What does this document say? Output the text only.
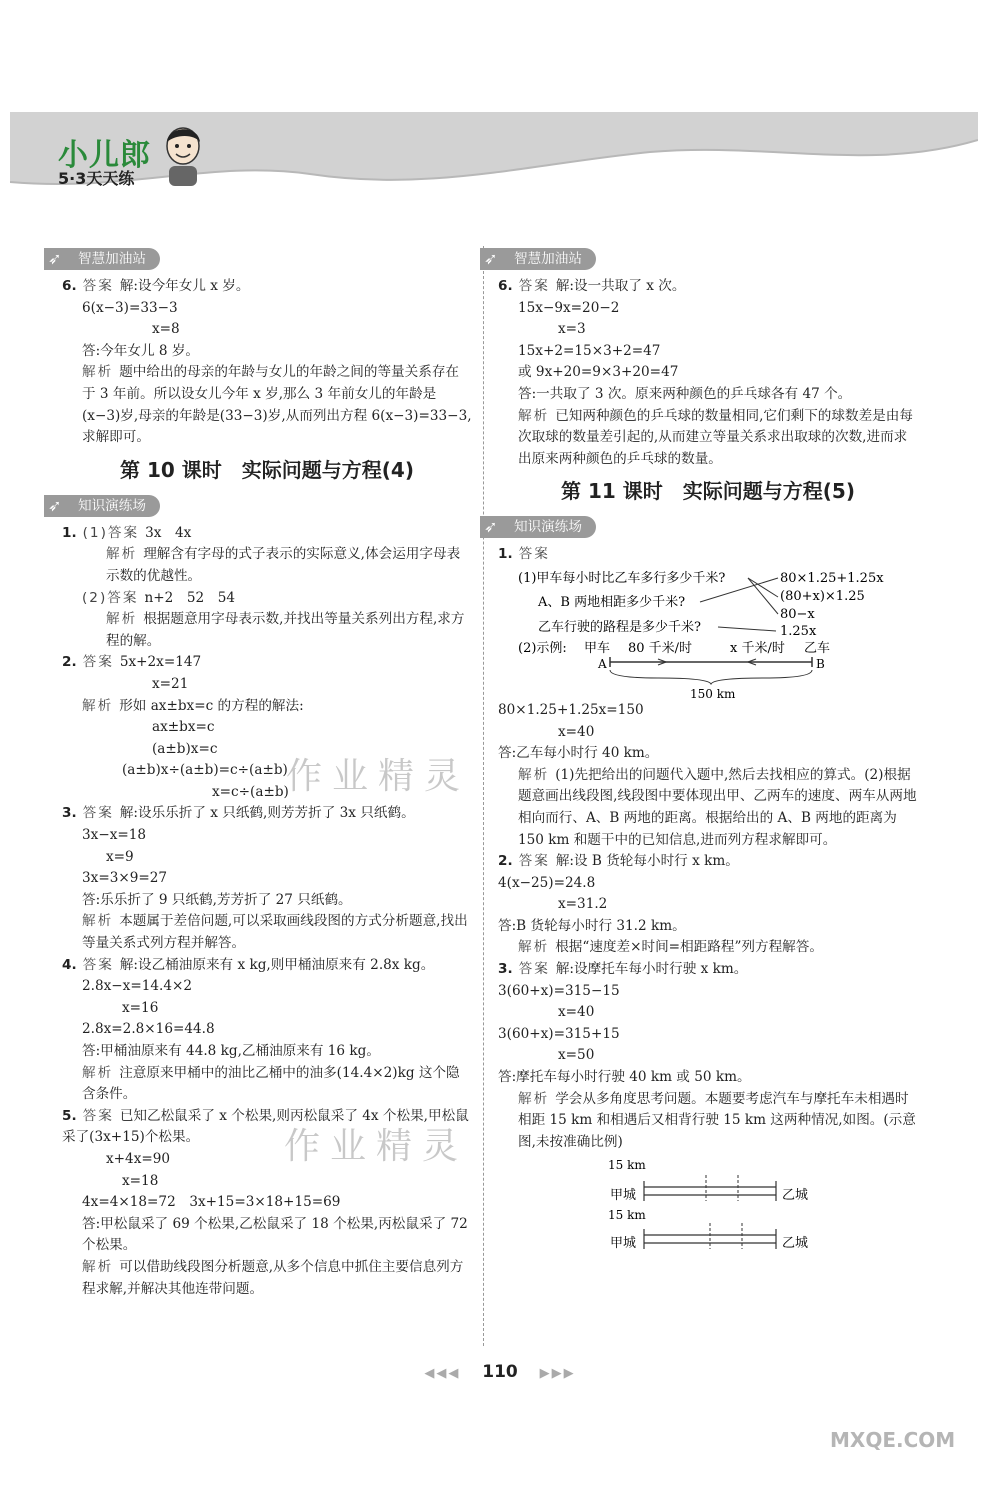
小儿郎
5·3天天练
➶ 智慧加油站
6. 答案 解:设今年女儿 x 岁。
6(x−3)=33−3
x=8
答:今年女儿 8 岁。
解析 题中给出的母亲的年龄与女儿的年龄之间的等量关系存在于 3 年前。所以设女儿今年 x 岁,那么 3 年前女儿的年龄是(x−3)岁,母亲的年龄是(33−3)岁,从而列出方程 6(x−3)=33−3,求解即可。
第 10 课时　实际问题与方程(4)
➶ 知识演练场
1. (1)答案 3x　4x
解析 理解含有字母的式子表示的实际意义,体会运用字母表示数的优越性。
(2)答案 n+2　52　54
解析 根据题意用字母表示数,并找出等量关系列出方程,求方程的解。
2. 答案 5x+2x=147
x=21
解析 形如 ax±bx=c 的方程的解法:
ax±bx=c
(a±b)x=c
(a±b)x÷(a±b)=c÷(a±b)
x=c÷(a±b)
3. 答案 解:设乐乐折了 x 只纸鹤,则芳芳折了 3x 只纸鹤。
3x−x=18
x=9
3x=3×9=27
答:乐乐折了 9 只纸鹤,芳芳折了 27 只纸鹤。
解析 本题属于差倍问题,可以采取画线段图的方式分析题意,找出等量关系式列方程并解答。
4. 答案 解:设乙桶油原来有 x kg,则甲桶油原来有 2.8x kg。
2.8x−x=14.4×2
x=16
2.8x=2.8×16=44.8
答:甲桶油原来有 44.8 kg,乙桶油原来有 16 kg。
解析 注意原来甲桶中的油比乙桶中的油多(14.4×2)kg 这个隐含条件。
5. 答案 已知乙松鼠采了 x 个松果,则丙松鼠采了 4x 个松果,甲松鼠采了(3x+15)个松果。
x+4x=90
x=18
4x=4×18=72　3x+15=3×18+15=69
答:甲松鼠采了 69 个松果,乙松鼠采了 18 个松果,丙松鼠采了 72 个松果。
解析 可以借助线段图分析题意,从多个信息中抓住主要信息列方程求解,并解决其他连带问题。
➶ 智慧加油站
6. 答案 解:设一共取了 x 次。
15x−9x=20−2
x=3
15x+2=15×3+2=47
或 9x+20=9×3+20=47
答:一共取了 3 次。原来两种颜色的乒乓球各有 47 个。
解析 已知两种颜色的乒乓球的数量相同,它们剩下的球数差是由每次取球的数量差引起的,从而建立等量关系求出取球的次数,进而求出原来两种颜色的乒乓球的数量。
第 11 课时　实际问题与方程(5)
➶ 知识演练场
1. 答案
(1)甲车每小时比乙车多行多少千米?
A、B 两地相距多少千米?
乙车行驶的路程是多少千米?
80×1.25+1.25x
(80+x)×1.25
80−x
1.25x
(2)示例: 甲车 80 千米/时	x 千米/时 乙车
A	B
150 km
80×1.25+1.25x=150
x=40
答:乙车每小时行 40 km。
解析 (1)先把给出的问题代入题中,然后去找相应的算式。(2)根据题意画出线段图,线段图中要体现出甲、乙两车的速度、两车从两地相向而行、A、B 两地的距离。根据给出的 A、B 两地的距离为 150 km 和题干中的已知信息,进而列方程求解即可。
2. 答案 解:设 B 货轮每小时行 x km。
4(x−25)=24.8
x=31.2
答:B 货轮每小时行 31.2 km。
解析 根据“速度差×时间=相距路程”列方程解答。
3. 答案 解:设摩托车每小时行驶 x km。
3(60+x)=315−15
x=40
3(60+x)=315+15
x=50
答:摩托车每小时行驶 40 km 或 50 km。
解析 学会从多角度思考问题。本题要考虑汽车与摩托车未相遇时相距 15 km 和相遇后又相背行驶 15 km 这两种情况,如图。(示意图,未按准确比例)
15 km
甲城	乙城
15 km
甲城	乙城
作业精灵
作业精灵
◀◀◀ 110 ▶▶▶
MXQE.COM
